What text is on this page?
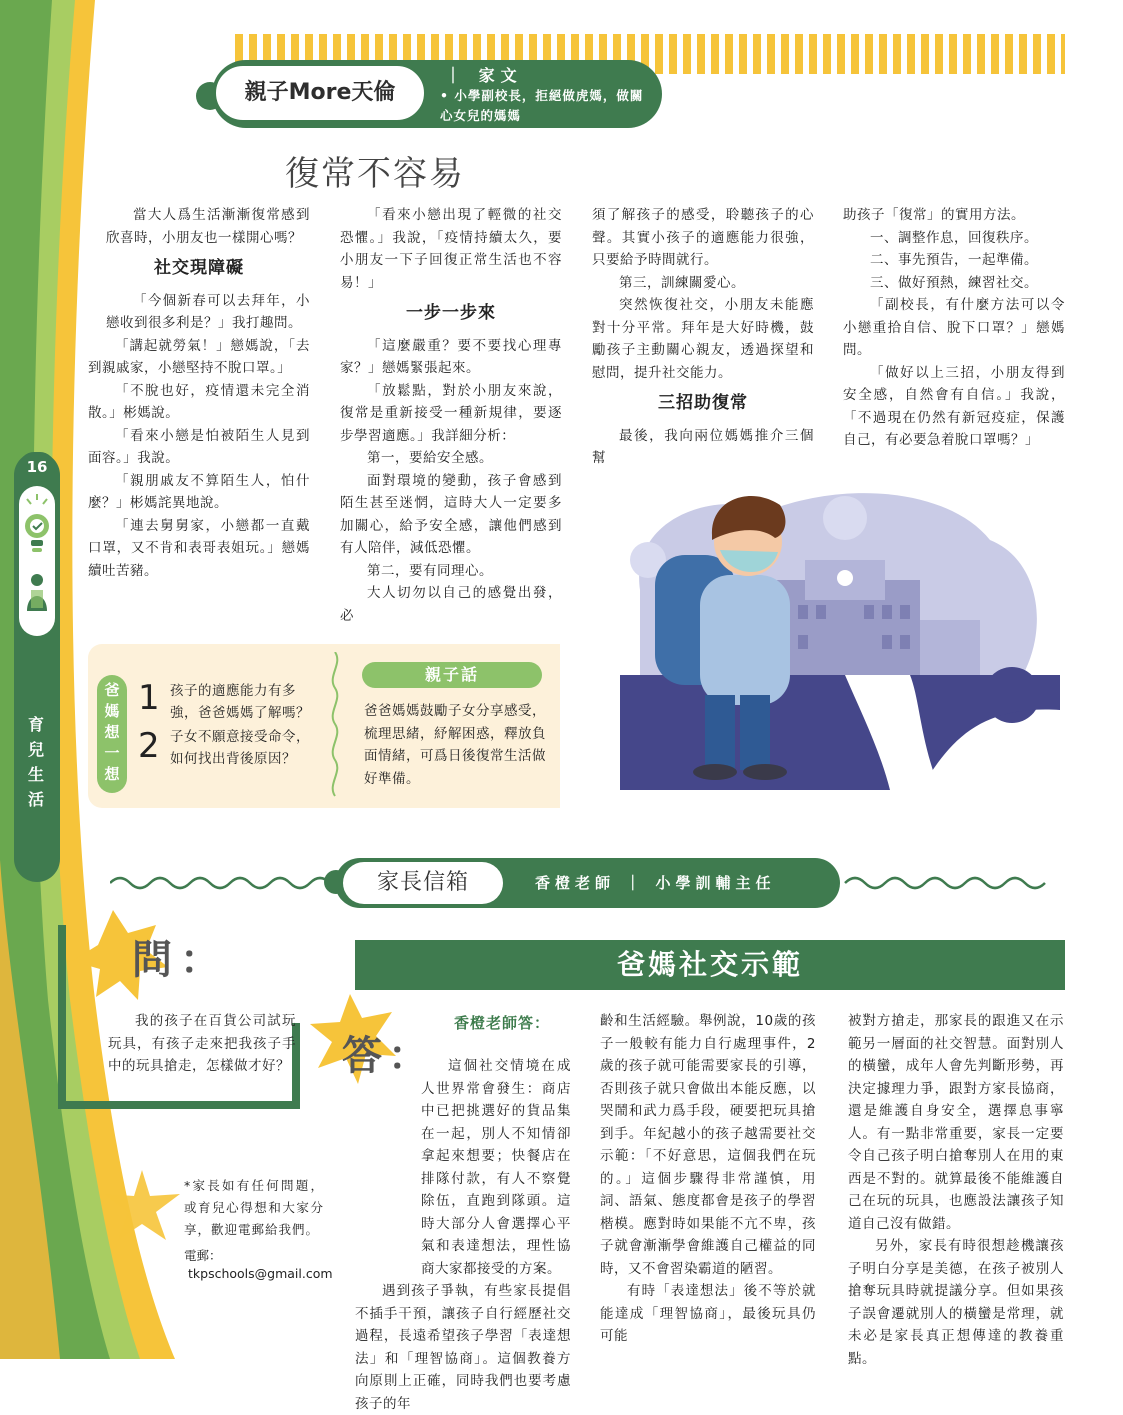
16
育兒生活
親子More天倫
｜ 家文
• 小學副校長，拒絕做虎媽，做關心女兒的媽媽
復常不容易

當大人爲生活漸漸復常感到欣喜時，小朋友也一樣開心嗎？

社交現障礙

「今個新春可以去拜年，小戀收到很多利是？」我打趣問。

「講起就勞氣！」戀媽說，「去到親戚家，小戀堅持不脫口罩。」

「不脫也好，疫情還未完全消散。」彬媽說。

「看來小戀是怕被陌生人見到面容。」我說。

「親朋戚友不算陌生人，怕什麼？」彬媽詫異地說。

「連去舅舅家，小戀都一直戴口罩，又不肯和表哥表姐玩。」戀媽續吐苦豬。

「看來小戀出現了輕微的社交恐懼。」我說，「疫情持續太久，要小朋友一下子回復正常生活也不容易！」

一步一步來

「這麼嚴重？要不要找心理專家？」戀媽緊張起來。

「放鬆點，對於小朋友來說，復常是重新接受一種新規律，要逐步學習適應。」我詳細分析：

第一，要給安全感。

面對環境的變動，孩子會感到陌生甚至迷惘，這時大人一定要多加關心，給予安全感，讓他們感到有人陪伴，減低恐懼。

第二，要有同理心。

大人切勿以自己的感覺出發，必

須了解孩子的感受，聆聽孩子的心聲。其實小孩子的適應能力很強，只要給予時間就行。

第三，訓練關愛心。

突然恢復社交，小朋友未能應對十分平常。拜年是大好時機，鼓勵孩子主動關心親友，透過探望和慰問，提升社交能力。

三招助復常

最後，我向兩位媽媽推介三個幫

助孩子「復常」的實用方法。

一、調整作息，回復秩序。

二、事先預告，一起準備。

三、做好預熱，練習社交。

「副校長，有什麼方法可以令小戀重拾自信、脫下口罩？」戀媽問。

「做好以上三招，小朋友得到安全感，自然會有自信。」我說，「不過現在仍然有新冠疫症，保護自己，有必要急着脫口罩嗎？」

爸媽想一想
1 孩子的適應能力有多強，爸爸媽媽了解嗎？
2 子女不願意接受命令，如何找出背後原因？
親子話
爸爸媽媽鼓勵子女分享感受，梳理思緒，紓解困惑，釋放負面情緒，可爲日後復常生活做好準備。
家長信箱	香橙老師 ｜ 小學訓輔主任
問：
我的孩子在百貨公司試玩玩具，有孩子走來把我孩子手中的玩具搶走，怎樣做才好？
*家長如有任何問題，或育兒心得想和大家分享，歡迎電郵給我們。
電郵：
tkpschools@gmail.com
爸媽社交示範
答：
香橙老師答：

這個社交情境在成人世界常會發生：商店中已把挑選好的貨品集在一起，別人不知情卻拿起來想要；快餐店在排隊付款，有人不察覺除伍，直跑到隊頭。這時大部分人會選擇心平氣和表達想法，理性協商大家都接受的方案。

遇到孩子爭執，有些家長提倡不插手干預，讓孩子自行經歷社交過程，長遠希望孩子學習「表達想法」和「理智協商」。這個教養方向原則上正確，同時我們也要考慮孩子的年

齡和生活經驗。舉例說，10歲的孩子一般較有能力自行處理事件，2歲的孩子就可能需要家長的引導，否則孩子就只會做出本能反應，以哭鬧和武力爲手段，硬要把玩具搶到手。年紀越小的孩子越需要社交示範：「不好意思，這個我們在玩的。」這個步驟得非常謹慎，用詞、語氣、態度都會是孩子的學習楷模。應對時如果能不亢不卑，孩子就會漸漸學會維護自己權益的同時，又不會習染霸道的陋習。

有時「表達想法」後不等於就能達成「理智協商」，最後玩具仍可能

被對方搶走，那家長的跟進又在示範另一層面的社交智慧。面對別人的橫蠻，成年人會先判斷形勢，再決定據理力爭，跟對方家長協商，還是維護自身安全，選擇息事寧人。有一點非常重要，家長一定要令自己孩子明白搶奪別人在用的東西是不對的。就算最後不能維護自己在玩的玩具，也應設法讓孩子知道自己沒有做錯。

另外，家長有時很想趁機讓孩子明白分享是美德，在孩子被別人搶奪玩具時就提議分享。但如果孩子誤會遷就別人的橫蠻是常理，就未必是家長真正想傳達的教養重點。
